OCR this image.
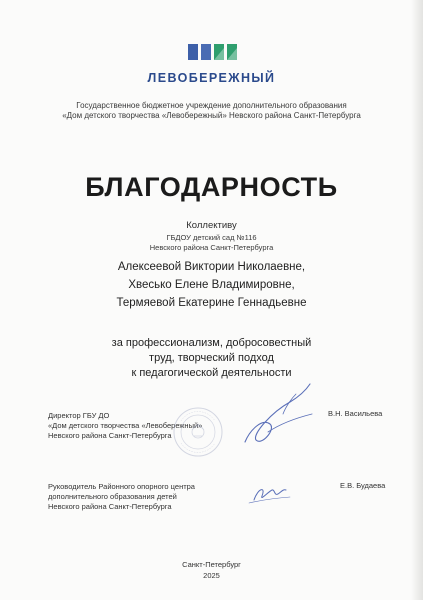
ЛЕВОБЕРЕЖНЫЙ
Государственное бюджетное учреждение дополнительного образования
«Дом детского творчества «Левобережный» Невского района Санкт-Петербурга
БЛАГОДАРНОСТЬ
Коллективу
ГБДОУ детский сад №116
Невского района Санкт-Петербурга
Алексеевой Виктории Николаевне,
Хвесько Елене Владимировне,
Термяевой Екатерине Геннадьевне
за профессионализм, добросовестный
труд, творческий подход
к педагогической деятельности
Директор ГБУ ДО
«Дом детского творчества «Левобережный»
Невского района Санкт-Петербурга
В.Н. Васильева
Руководитель Районного опорного центра
дополнительного образования детей
Невского района Санкт-Петербурга
Е.В. Будаева
Санкт-Петербург
2025
